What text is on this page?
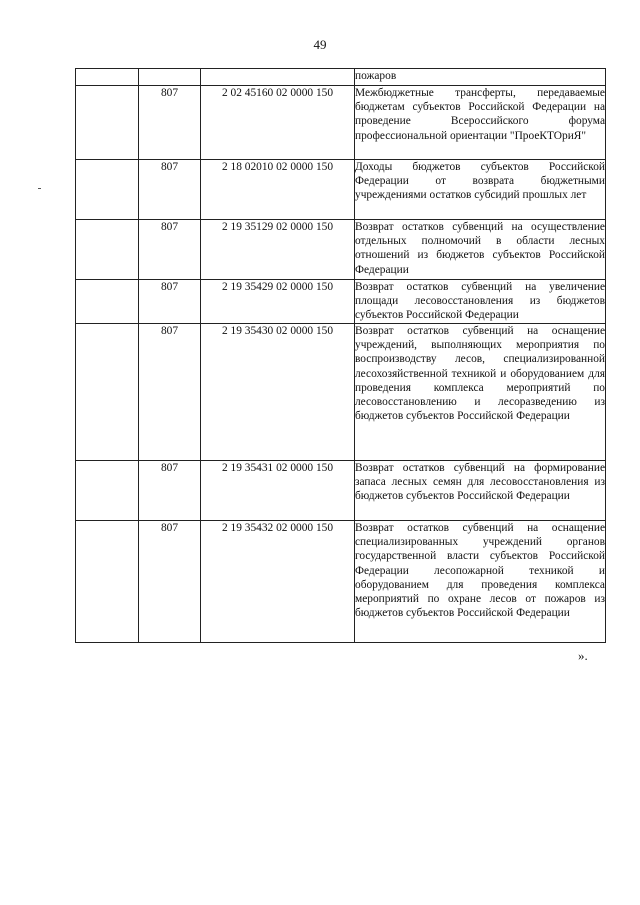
49

			пожаров

	807	2 02 45160 02 0000 150	Межбюджетные трансферты, передаваемые бюджетам субъектов Российской Федерации на проведение Всероссийского форума профессиональной ориентации "ПроеКТОриЯ"

	807	2 18 02010 02 0000 150	Доходы бюджетов субъектов Российской Федерации от возврата бюджетными учреждениями остатков субсидий прошлых лет

	807	2 19 35129 02 0000 150	Возврат остатков субвенций на осуществление отдельных полномочий в области лесных отношений из бюджетов субъектов Российской Федерации

	807	2 19 35429 02 0000 150	Возврат остатков субвенций на увеличение площади лесовосстановления из бюджетов субъектов Российской Федерации

	807	2 19 35430 02 0000 150	Возврат остатков субвенций на оснащение учреждений, выполняющих мероприятия по воспроизводству лесов, специализированной лесохозяйственной техникой и оборудованием для проведения комплекса мероприятий по лесовосстановлению и лесоразведению из бюджетов субъектов Российской Федерации

	807	2 19 35431 02 0000 150	Возврат остатков субвенций на формирование запаса лесных семян для лесовосстановления из бюджетов субъектов Российской Федерации

	807	2 19 35432 02 0000 150	Возврат остатков субвенций на оснащение специализированных учреждений органов государственной власти субъектов Российской Федерации лесопожарной техникой и оборудованием для проведения комплекса мероприятий по охране лесов от пожаров из бюджетов субъектов Российской Федерации
».
